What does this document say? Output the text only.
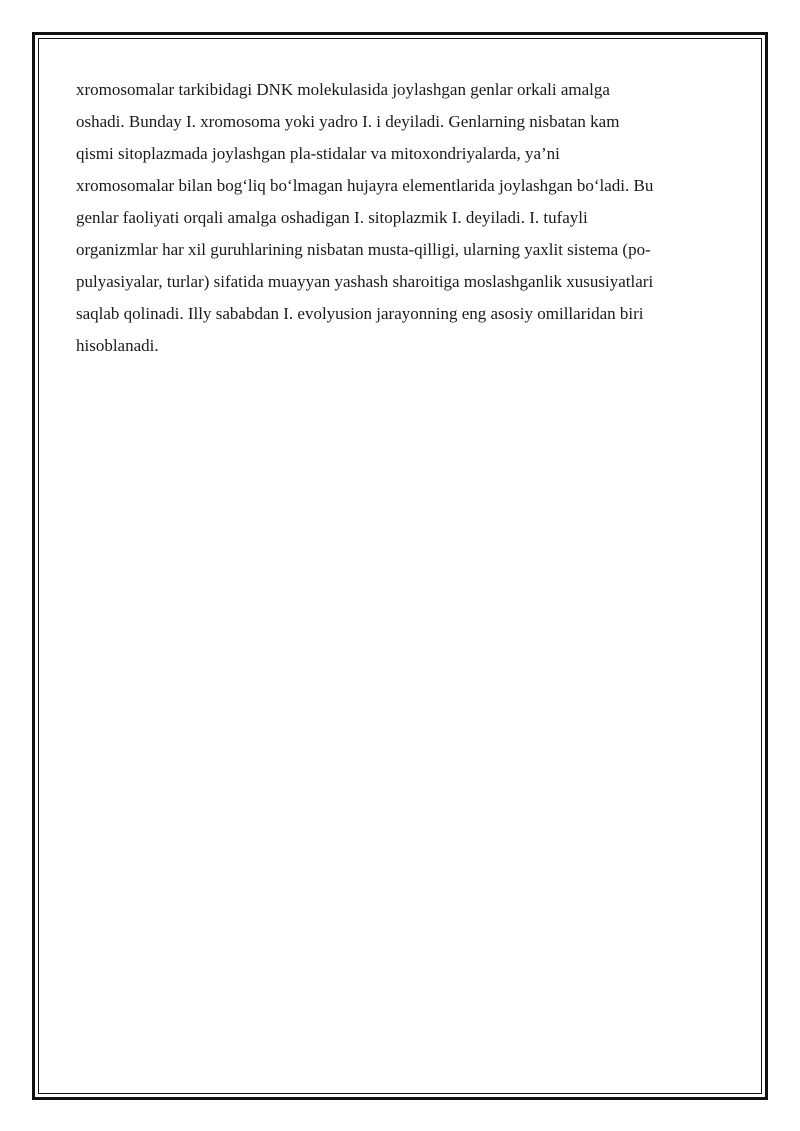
xromosomalar tarkibidagi DNK molekulasida joylashgan genlar orkali amalga
oshadi. Bunday I. xromosoma yoki yadro I. i deyiladi. Genlarning nisbatan kam
qismi sitoplazmada joylashgan pla-stidalar va mitoxondriyalarda, ya’ni
xromosomalar bilan bog‘liq bo‘lmagan hujayra elementlarida joylashgan bo‘ladi. Bu
genlar faoliyati orqali amalga oshadigan I. sitoplazmik I. deyiladi. I. tufayli
organizmlar har xil guruhlarining nisbatan musta-qilligi, ularning yaxlit sistema (po-
pulyasiyalar, turlar) sifatida muayyan yashash sharoitiga moslashganlik xususiyatlari
saqlab qolinadi. Illy sababdan I. evolyusion jarayonning eng asosiy omillaridan biri
hisoblanadi.
